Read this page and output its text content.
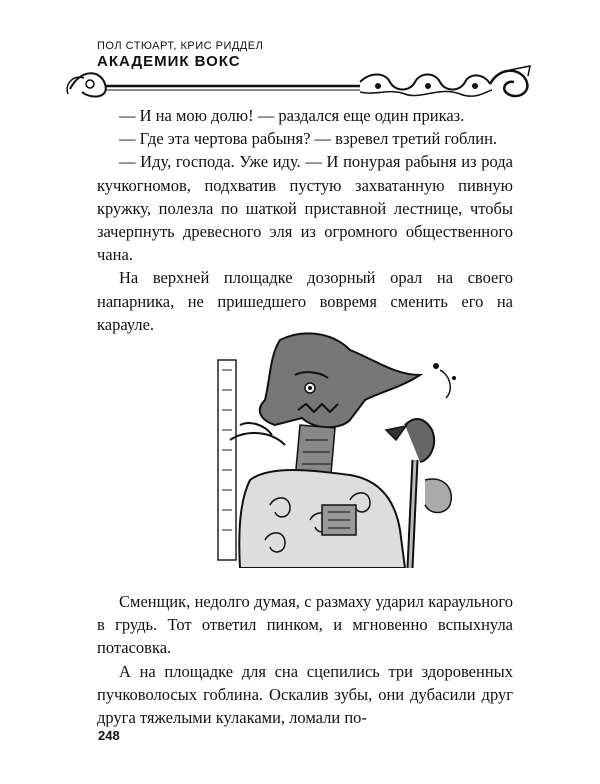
ПОЛ СТЮАРТ, КРИС РИДДЕЛ
АКАДЕМИК ВОКС

— И на мою долю! — раздался еще один приказ.

— Где эта чертова рабыня? — взревел третий гоблин.

— Иду, господа. Уже иду. — И понурая рабыня из рода кучкогномов, подхватив пустую захватанную пивную кружку, полезла по шаткой приставной лестнице, чтобы зачерпнуть древесного эля из огромного общественного чана.

На верхней площадке дозорный орал на своего напарника, не пришедшего вовремя сменить его на карауле.

Сменщик, недолго думая, с размаху ударил караульного в грудь. Тот ответил пинком, и мгновенно вспыхнула потасовка.

А на площадке для сна сцепились три здоровенных пучковолосых гоблина. Оскалив зубы, они дубасили друг друга тяжелыми кулаками, ломали по-

248
